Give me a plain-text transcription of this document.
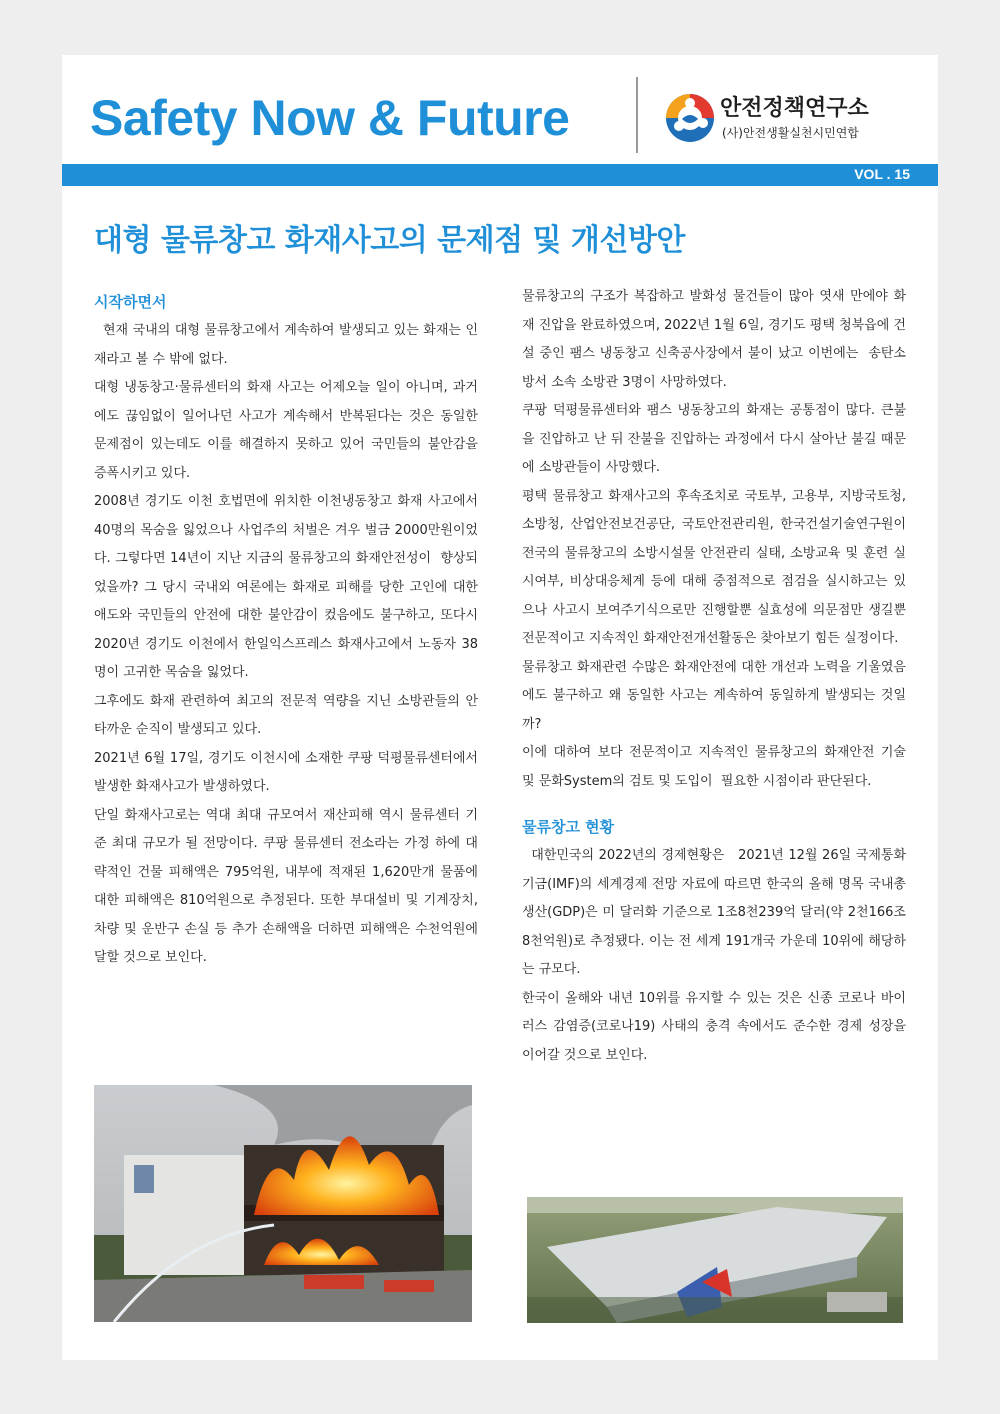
Safety Now & Future	안전정책연구소
(사)안전생활실천시민연합
VOL . 15
대형 물류창고 화재사고의 문제점 및 개선방안
시작하면서

현재 국내의 대형 물류창고에서 계속하여 발생되고 있는 화재는 인재라고 볼 수 밖에 없다.

대형 냉동창고·물류센터의 화재 사고는 어제오늘 일이 아니며, 과거에도 끊임없이 일어나던 사고가 계속해서 반복된다는 것은 동일한 문제점이 있는데도 이를 해결하지 못하고 있어 국민들의 불안감을 증폭시키고 있다.

2008년 경기도 이천 호법면에 위치한 이천냉동창고 화재 사고에서 40명의 목숨을 잃었으나 사업주의 처벌은 겨우 벌금 2000만원이었다. 그렇다면 14년이 지난 지금의 물류창고의 화재안전성이  향상되었을까? 그 당시 국내외 여론에는 화재로 피해를 당한 고인에 대한 애도와 국민들의 안전에 대한 불안감이 컸음에도 불구하고, 또다시 2020년 경기도 이천에서 한일익스프레스 화재사고에서 노동자 38명이 고귀한 목숨을 잃었다.

그후에도 화재 관련하여 최고의 전문적 역량을 지닌 소방관들의 안타까운 순직이 발생되고 있다.

2021년 6월 17일, 경기도 이천시에 소재한 쿠팡 덕평물류센터에서 발생한 화재사고가 발생하였다.

단일 화재사고로는 역대 최대 규모여서 재산피해 역시 물류센터 기준 최대 규모가 될 전망이다. 쿠팡 물류센터 전소라는 가정 하에 대략적인 건물 피해액은 795억원, 내부에 적재된 1,620만개 물품에 대한 피해액은 810억원으로 추정된다. 또한 부대설비 및 기계장치, 차량 및 운반구 손실 등 추가 손해액을 더하면 피해액은 수천억원에 달할 것으로 보인다.

물류창고의 구조가 복잡하고 발화성 물건들이 많아 엿새 만에야 화재 진압을 완료하였으며, 2022년 1월 6일, 경기도 평택 청북읍에 건설 중인 팸스 냉동창고 신축공사장에서 불이 났고 이번에는  송탄소방서 소속 소방관 3명이 사망하였다.

쿠팡 덕평물류센터와 팸스 냉동창고의 화재는 공통점이 많다. 큰불을 진압하고 난 뒤 잔불을 진압하는 과정에서 다시 살아난 불길 때문에 소방관들이 사망했다.

평택 물류창고 화재사고의 후속조치로 국토부, 고용부, 지방국토청, 소방청, 산업안전보건공단, 국토안전관리원, 한국건설기술연구원이 전국의 물류창고의 소방시설물 안전관리 실태, 소방교육 및 훈련 실시여부, 비상대응체계 등에 대해 중점적으로 점검을 실시하고는 있으나 사고시 보여주기식으로만 진행할뿐 실효성에 의문점만 생길뿐 전문적이고 지속적인 화재안전개선활동은 찾아보기 힘든 실정이다.

물류창고 화재관련 수많은 화재안전에 대한 개선과 노력을 기울였음에도 불구하고 왜 동일한 사고는 계속하여 동일하게 발생되는 것일까?

이에 대하여 보다 전문적이고 지속적인 물류창고의 화재안전 기술 및 문화System의 검토 및 도입이  필요한 시점이라 판단된다.

물류창고 현황

대한민국의 2022년의 경제현황은   2021년 12월 26일 국제통화기금(IMF)의 세계경제 전망 자료에 따르면 한국의 올해 명목 국내총생산(GDP)은 미 달러화 기준으로 1조8천239억 달러(약 2천166조8천억원)로 추정됐다. 이는 전 세계 191개국 가운데 10위에 해당하는 규모다.

한국이 올해와 내년 10위를 유지할 수 있는 것은 신종 코로나 바이러스 감염증(코로나19) 사태의 충격 속에서도 준수한 경제 성장을 이어갈 것으로 보인다.
